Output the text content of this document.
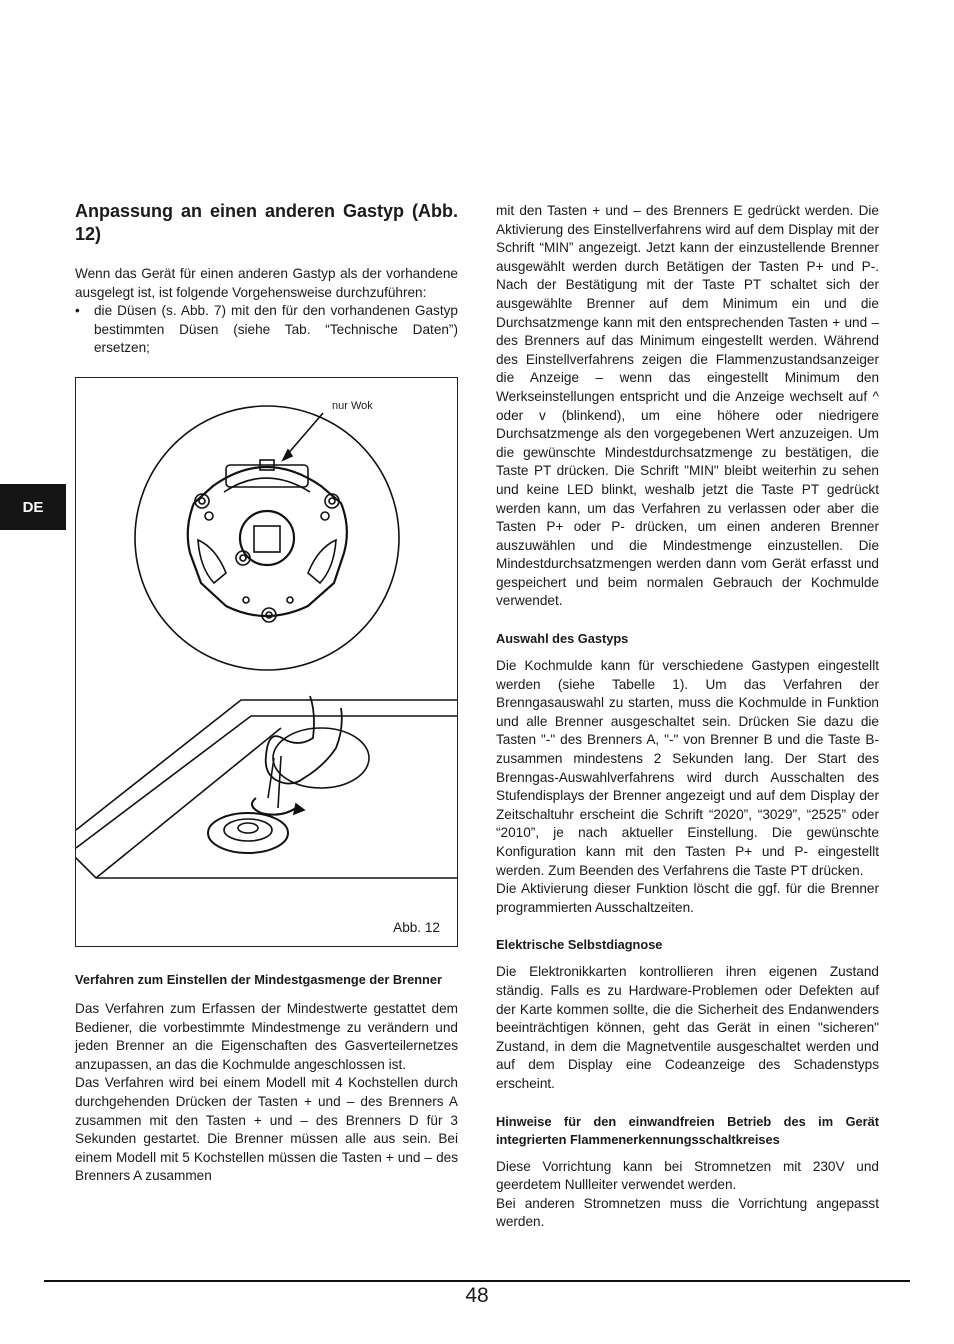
DE
Anpassung an einen anderen Gastyp (Abb. 12)

Wenn das Gerät für einen anderen Gastyp als der vorhandene ausgelegt ist, ist folgende Vorgehensweise durchzuführen:

•	die Düsen (s. Abb. 7) mit den für den vorhandenen Gastyp bestimmten Düsen (siehe Tab. “Technische Daten”) ersetzen;
nur Wok
Abb. 12

Verfahren zum Einstellen der Mindestgasmenge der Brenner

Das Verfahren zum Erfassen der Mindestwerte gestattet dem Bediener, die vorbestimmte Mindestmenge zu verändern und jeden Brenner an die Eigenschaften des Gasverteilernetzes anzupassen, an das die Kochmulde angeschlossen ist.

Das Verfahren wird bei einem Modell mit 4 Kochstellen durch durchgehenden Drücken der Tasten + und – des Brenners A zusammen mit den Tasten + und – des Brenners D für 3 Sekunden gestartet. Die Brenner müssen alle aus sein. Bei einem Modell mit 5 Kochstellen müssen die Tasten + und – des Brenners A zusammen

mit den Tasten + und – des Brenners E gedrückt werden. Die Aktivierung des Einstellverfahrens wird auf dem Display mit der Schrift “MIN” angezeigt. Jetzt kann der einzustellende Brenner ausgewählt werden durch Betätigen der Tasten P+ und P-. Nach der Bestätigung mit der Taste PT schaltet sich der ausgewählte Brenner auf dem Minimum ein und die Durchsatzmenge kann mit den entsprechenden Tasten + und – des Brenners auf das Minimum eingestellt werden. Während des Einstellverfahrens zeigen die Flammenzustandsanzeiger die Anzeige – wenn das eingestellt Minimum den Werkseinstellungen entspricht und die Anzeige wechselt auf ^ oder v (blinkend), um eine höhere oder niedrigere Durchsatzmenge als den vorgegebenen Wert anzuzeigen. Um die gewünschte Mindestdurchsatzmenge zu bestätigen, die Taste PT drücken. Die Schrift "MIN" bleibt weiterhin zu sehen und keine LED blinkt, weshalb jetzt die Taste PT gedrückt werden kann, um das Verfahren zu verlassen oder aber die Tasten P+ oder P- drücken, um einen anderen Brenner auszuwählen und die Mindestmenge einzustellen. Die Mindestdurchsatzmengen werden dann vom Gerät erfasst und gespeichert und beim normalen Gebrauch der Kochmulde verwendet.

Auswahl des Gastyps

Die Kochmulde kann für verschiedene Gastypen eingestellt werden (siehe Tabelle 1). Um das Verfahren der Brenngasauswahl zu starten, muss die Kochmulde in Funktion und alle Brenner ausgeschaltet sein. Drücken Sie dazu die Tasten "-" des Brenners A, "-" von Brenner B und die Taste B- zusammen mindestens 2 Sekunden lang. Der Start des Brenngas-Auswahlverfahrens wird durch Ausschalten des Stufendisplays der Brenner angezeigt und auf dem Display der Zeitschaltuhr erscheint die Schrift “2020”, “3029”, “2525” oder “2010”, je nach aktueller Einstellung. Die gewünschte Konfiguration kann mit den Tasten P+ und P- eingestellt werden. Zum Beenden des Verfahrens die Taste PT drücken.

Die Aktivierung dieser Funktion löscht die ggf. für die Brenner programmierten Ausschaltzeiten.

Elektrische Selbstdiagnose

Die Elektronikkarten kontrollieren ihren eigenen Zustand ständig. Falls es zu Hardware-Problemen oder Defekten auf der Karte kommen sollte, die die Sicherheit des Endanwenders beeinträchtigen können, geht das Gerät in einen "sicheren" Zustand, in dem die Magnetventile ausgeschaltet werden und auf dem Display eine Codeanzeige des Schadenstyps erscheint.

Hinweise für den einwandfreien Betrieb des im Gerät integrierten Flammenerkennungsschaltkreises

Diese Vorrichtung kann bei Stromnetzen mit 230V und geerdetem Nullleiter verwendet werden.

Bei anderen Stromnetzen muss die Vorrichtung angepasst werden.

48
